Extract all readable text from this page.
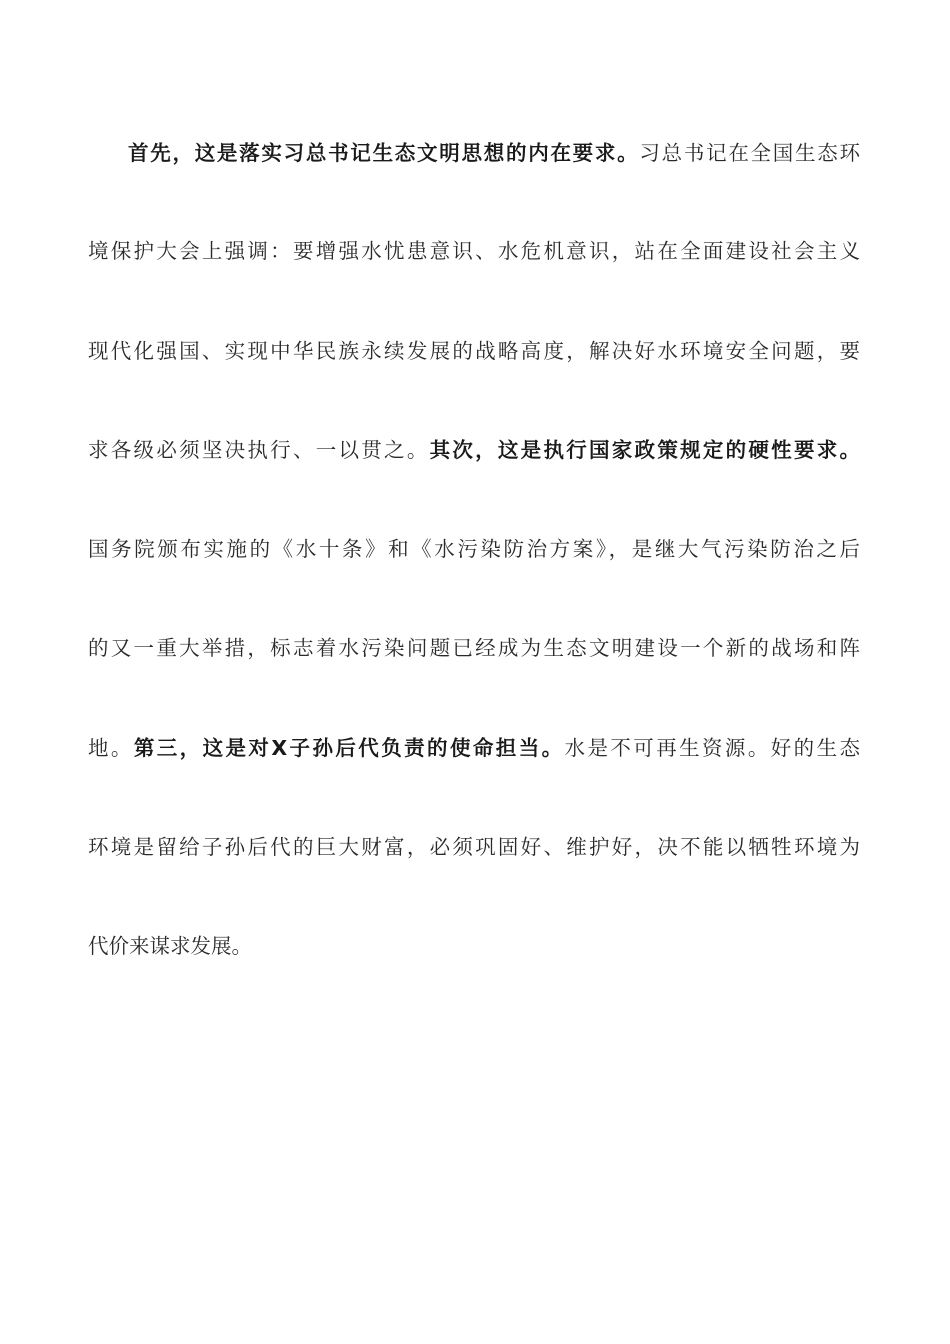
首先，这是落实习总书记生态文明思想的内在要求。习总书记在全国生态环
境保护大会上强调：要增强水忧患意识、水危机意识，站在全面建设社会主义
现代化强国、实现中华民族永续发展的战略高度，解决好水环境安全问题，要
求各级必须坚决执行、一以贯之。其次，这是执行国家政策规定的硬性要求。
国务院颁布实施的《水十条》和《水污染防治方案》，是继大气污染防治之后
的又一重大举措，标志着水污染问题已经成为生态文明建设一个新的战场和阵
地。第三，这是对X子孙后代负责的使命担当。水是不可再生资源。好的生态
环境是留给子孙后代的巨大财富，必须巩固好、维护好，决不能以牺牲环境为
代价来谋求发展。
